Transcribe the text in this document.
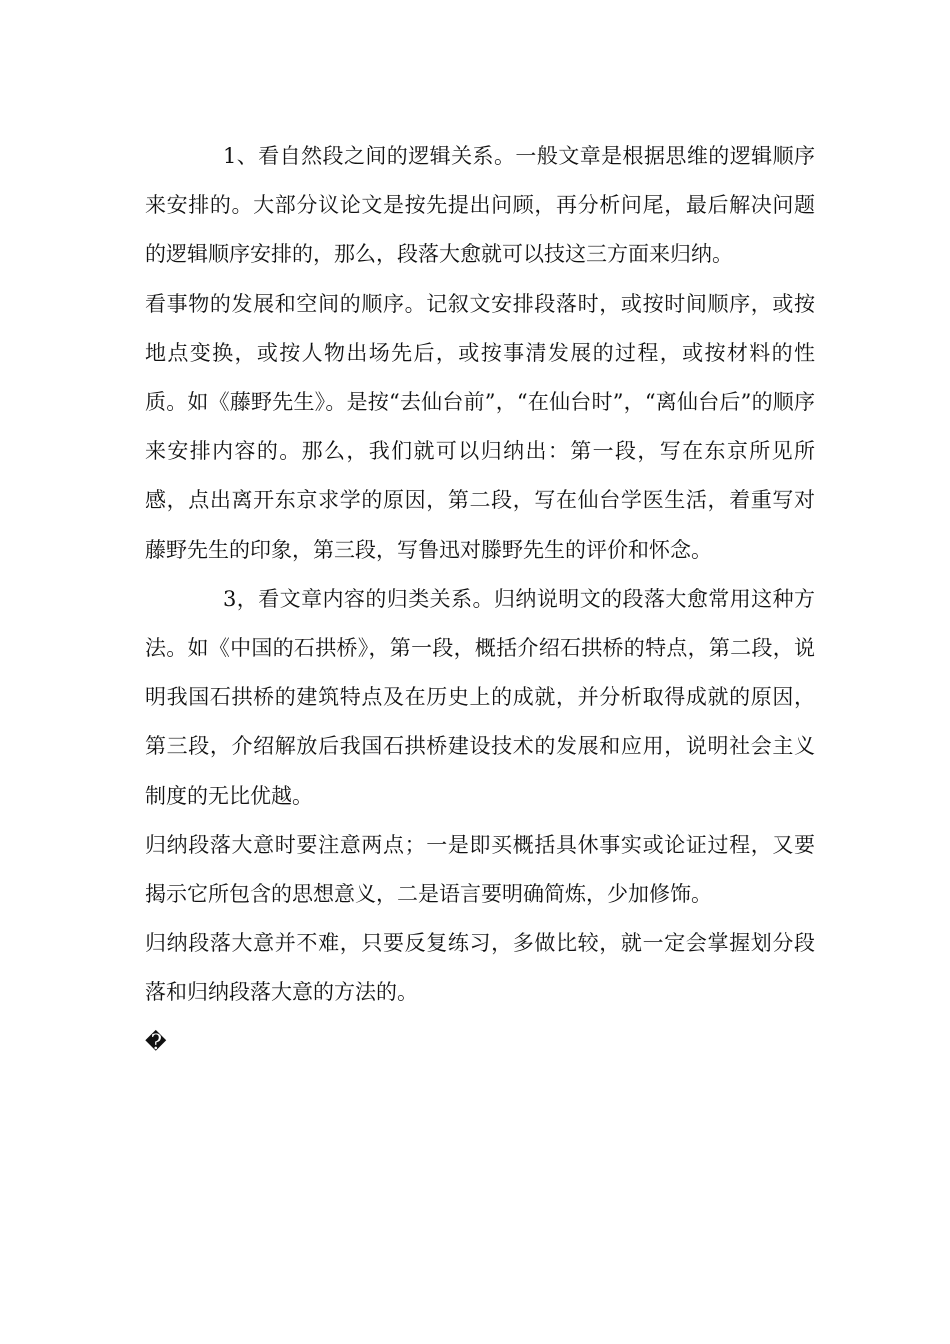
1、看自然段之间的逻辑关系。一般文章是根据思维的逻辑顺序来安排的。大部分议论文是按先提出问顾，再分析问尾，最后解决问题的逻辑顺序安排的，那么，段落大愈就可以技这三方面来归纳。

看事物的发展和空间的顺序。记叙文安排段落时，或按时间顺序，或按地点变换，或按人物出场先后，或按事清发展的过程，或按材料的性质。如《藤野先生》。是按“去仙台前”，“在仙台时”，“离仙台后”的顺序来安排内容的。那么，我们就可以归纳出：第一段，写在东京所见所感，点出离开东京求学的原因，第二段，写在仙台学医生活，着重写对藤野先生的印象，第三段，写鲁迅对滕野先生的评价和怀念。

3，看文章内容的归类关系。归纳说明文的段落大愈常用这种方法。如《中国的石拱桥》，第一段，概括介绍石拱桥的特点，第二段，说明我国石拱桥的建筑特点及在历史上的成就，并分析取得成就的原因，第三段，介绍解放后我国石拱桥建设技术的发展和应用，说明社会主义制度的无比优越。

归纳段落大意时要注意两点；一是即买概括具休事实或论证过程，又要揭示它所包含的思想意义，二是语言要明确简炼，少加修饰。

归纳段落大意并不难，只要反复练习，多做比较，就一定会掌握划分段落和归纳段落大意的方法的。

�
